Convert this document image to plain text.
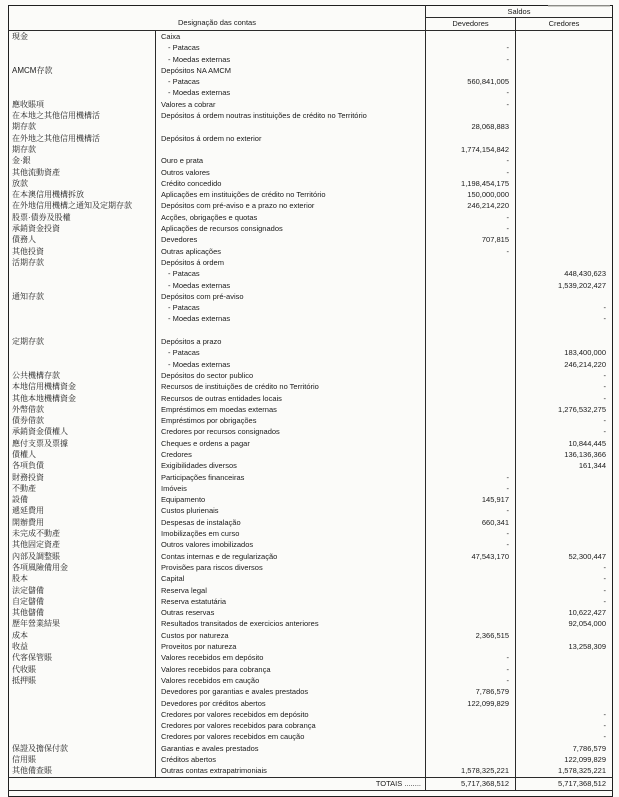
Designação das contas		Saldos	
		Devedores	Credores
現金	Caixa		
	- Patacas	-	
	- Moedas externas	-	
AMCM存款	Depósitos NA AMCM		
	- Patacas	560,841,005	
	- Moedas externas	-	
應收賬項	Valores a cobrar	-	
在本地之其他信用機構活	Depósitos á ordem noutras instituições de crédito no Território		
期存款		28,068,883	
在外地之其他信用機構活	Depósitos á ordem no exterior		
期存款		1,774,154,842	
金·銀	Ouro e prata	-	
其他流動資產	Outros valores	-	
放款	Crédito concedido	1,198,454,175	
在本澳信用機構拆放	Aplicações em instituições de crédito no Território	150,000,000	
在外地信用機構之通知及定期存款	Depósitos com pré-aviso e a prazo no exterior	246,214,220	
股票·債券及股權	Acções, obrigações e quotas	-	
承銷資金投資	Aplicações de recursos consignados	-	
債務人	Devedores	707,815	
其他投資	Outras aplicações	-	
活期存款	Depósitos á ordem		
	- Patacas		448,430,623
	- Moedas externas		1,539,202,427
通知存款	Depósitos com pré-aviso		
	- Patacas		-
	- Moedas externas		-

定期存款	Depósitos a prazo		
	- Patacas		183,400,000
	- Moedas externas		246,214,220
公共機構存款	Depósitos do sector publico		-
本地信用機構資金	Recursos de instituições de crédito no Território		-
其他本地機構資金	Recursos de outras entidades locais		-
外幣借款	Empréstimos em moedas externas		1,276,532,275
債券借款	Empréstimos por obrigações		-
承銷資金債權人	Credores por recursos consignados		-
應付支票及票據	Cheques e ordens a pagar		10,844,445
債權人	Credores		136,136,366
各項負債	Exigibilidades diversos		161,344
財務投資	Participações financeiras	-	
不動產	Imóveis	-	
設備	Equipamento	145,917	
遞延費用	Custos plurienais	-	
開辦費用	Despesas de instalação	660,341	
未完成不動產	Imobilizações em curso	-	
其他固定資產	Outros valores imobilizados	-	
內部及調整賬	Contas internas e de regularização	47,543,170	52,300,447
各項風險備用金	Provisões para riscos diversos		-
股本	Capital		-
法定儲備	Reserva legal		-
自定儲備	Reserva estatutária		-
其他儲備	Outras reservas		10,622,427
歷年營業結果	Resultados transitados de exercicios anteriores		92,054,000
成本	Custos por natureza	2,366,515	
收益	Proveitos por natureza		13,258,309
代客保管賬	Valores recebidos em depósito	-	
代收賬	Valores recebidos para cobrança	-	
抵押賬	Valores recebidos em caução	-	
	Devedores por garantias e avales prestados	7,786,579	
	Devedores por créditos abertos	122,099,829	
	Credores por valores recebidos em depósito		-
	Credores por valores recebidos para cobrança		-
	Credores por valores recebidos em caução		-
保證及擔保付款	Garantias e avales prestados		7,786,579
信用賬	Créditos abertos		122,099,829
其他備查賬	Outras contas extrapatrimoniais	1,578,325,221	1,578,325,221
TOTAIS ........		5,717,368,512	5,717,368,512
